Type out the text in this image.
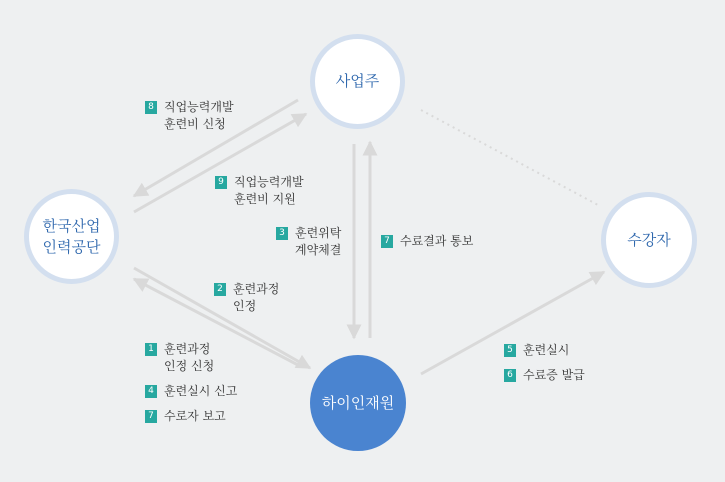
사업주
한국산업
인력공단	수강자
하이인재원
8 직업능력개발
훈련비 신청
9 직업능력개발
훈련비 지원
3 훈련위탁
계약체결
7 수료결과 통보
2 훈련과정
인정
1 훈련과정
인정 신청
4 훈련실시 신고
7 수로자 보고
5 훈련실시
6 수료증 발급
